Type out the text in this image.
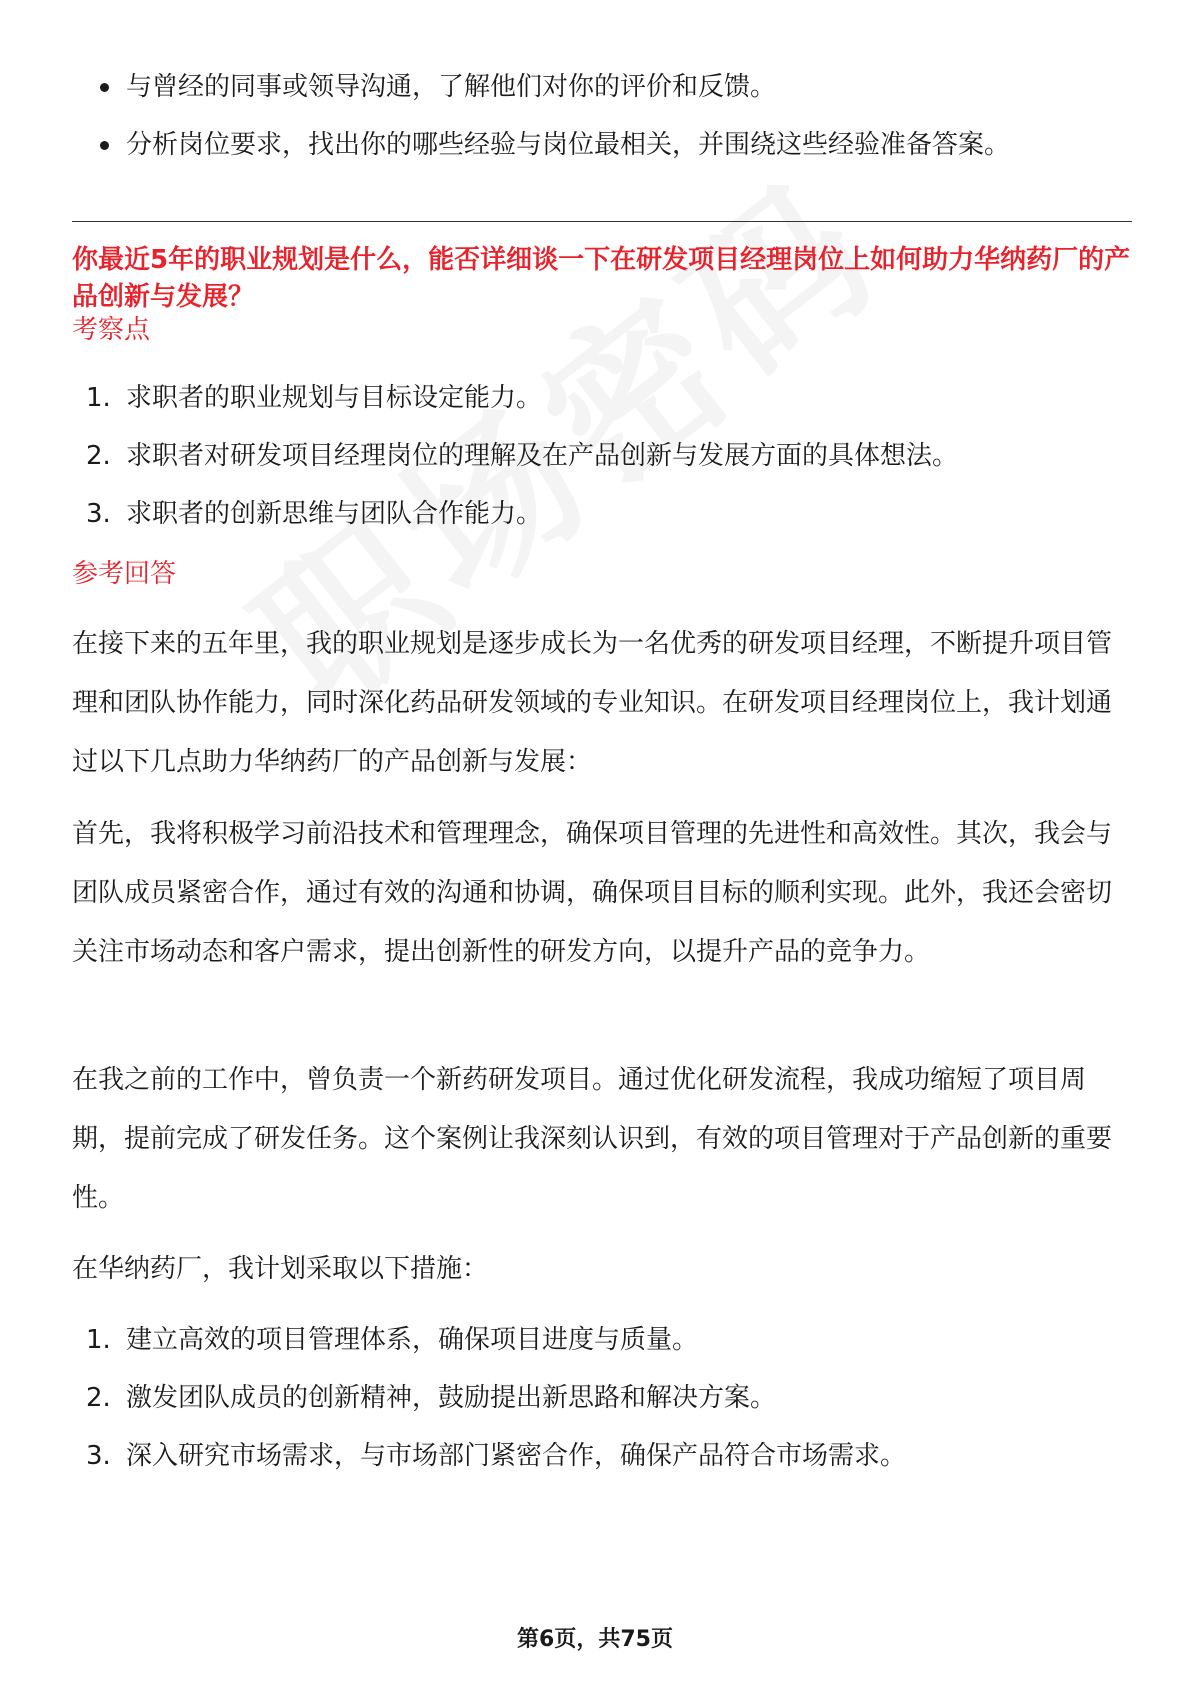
与曾经的同事或领导沟通，了解他们对你的评价和反馈。
分析岗位要求，找出你的哪些经验与岗位最相关，并围绕这些经验准备答案。

你最近5年的职业规划是什么，能否详细谈一下在研发项目经理岗位上如何助力华纳药厂的产品创新与发展？

考察点
1. 求职者的职业规划与目标设定能力。
2. 求职者对研发项目经理岗位的理解及在产品创新与发展方面的具体想法。
3. 求职者的创新思维与团队合作能力。
参考回答

在接下来的五年里，我的职业规划是逐步成长为一名优秀的研发项目经理，不断提升项目管理和团队协作能力，同时深化药品研发领域的专业知识。在研发项目经理岗位上，我计划通过以下几点助力华纳药厂的产品创新与发展：

首先，我将积极学习前沿技术和管理理念，确保项目管理的先进性和高效性。其次，我会与团队成员紧密合作，通过有效的沟通和协调，确保项目目标的顺利实现。此外，我还会密切关注市场动态和客户需求，提出创新性的研发方向，以提升产品的竞争力。

在我之前的工作中，曾负责一个新药研发项目。通过优化研发流程，我成功缩短了项目周期，提前完成了研发任务。这个案例让我深刻认识到，有效的项目管理对于产品创新的重要性。

在华纳药厂，我计划采取以下措施：

1. 建立高效的项目管理体系，确保项目进度与质量。
2. 激发团队成员的创新精神，鼓励提出新思路和解决方案。
3. 深入研究市场需求，与市场部门紧密合作，确保产品符合市场需求。
第6页，共75页
